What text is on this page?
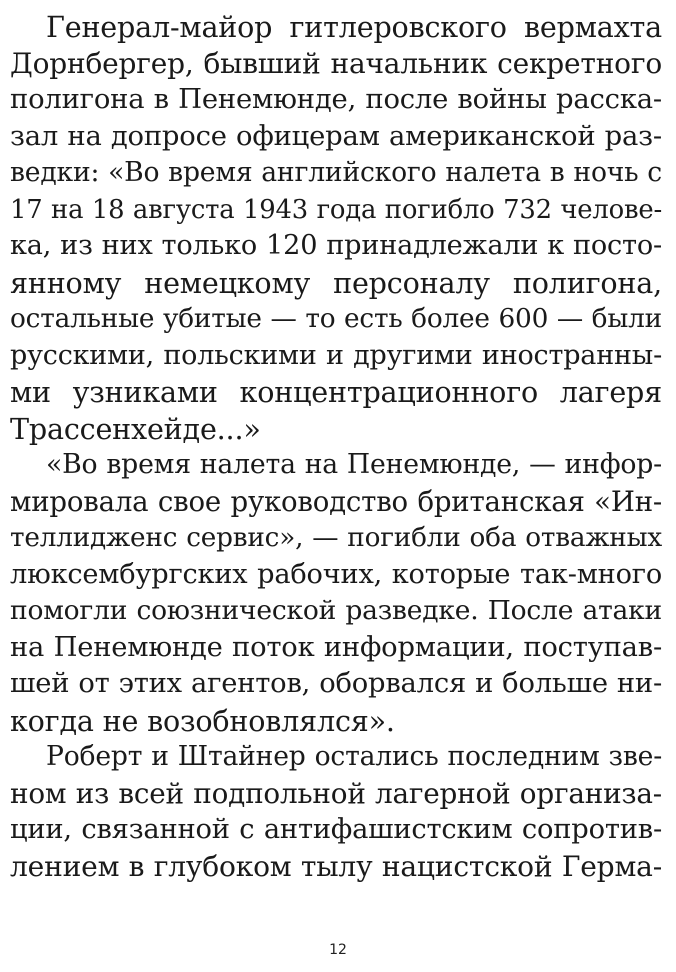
Генерал-майор гитлеровского вермахта
Дорнбергер, бывший начальник секретного
полигона в Пенемюнде, после войны расска-
зал на допросе офицерам американской раз-
ведки: «Во время английского налета в ночь с
17 на 18 августа 1943 года погибло 732 челове-
ка, из них только 120 принадлежали к посто-
янному немецкому персоналу полигона,
остальные убитые — то есть более 600 — были
русскими, польскими и другими иностранны-
ми узниками концентрационного лагеря
Трассенхейде...»
«Во время налета на Пенемюнде, — инфор-
мировала свое руководство британская «Ин-
теллидженс сервис», — погибли оба отважных
люксембургских рабочих, которые так-много
помогли союзнической разведке. После атаки
на Пенемюнде поток информации, поступав-
шей от этих агентов, оборвался и больше ни-
когда не возобновлялся».
Роберт и Штайнер остались последним зве-
ном из всей подпольной лагерной организа-
ции, связанной с антифашистским сопротив-
лением в глубоком тылу нацистской Герма-
12
